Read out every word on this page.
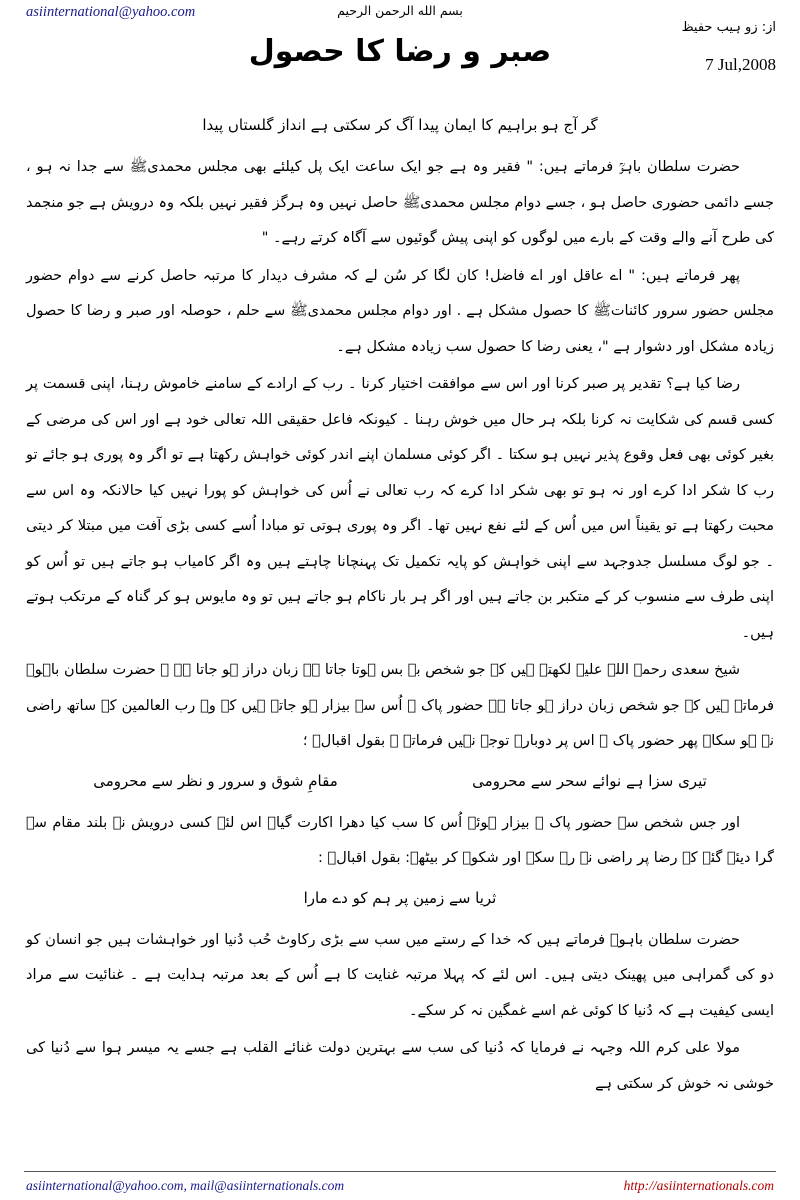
asiinternational@yahoo.com	بسم الله الرحمن الرحيم
از: زو ہیب حفیظ
صبر و رضا کا حصول	7 Jul,2008

گر آج ہو براہیم کا ایمان پیدا آگ کر سکتی ہے انداز گلستاں پیدا

حضرت سلطان باہوؒ فرماتے ہیں: " فقیر وہ ہے جو ایک ساعت ایک پل کیلئے بھی مجلس محمدیﷺ سے جدا نہ ہو ، جسے دائمی حضوری حاصل ہو ، جسے دوام مجلس محمدیﷺ حاصل نہیں وہ ہرگز فقیر نہیں بلکہ وہ درویش ہے جو منجمد کی طرح آنے والے وقت کے بارے میں لوگوں کو اپنی پیش گوئیوں سے آگاہ کرتے رہے۔ "

پھر فرماتے ہیں: " اے عاقل اور اے فاضل! کان لگا کر سُن لے کہ مشرف دیدار کا مرتبہ حاصل کرنے سے دوام حضور مجلس حضور سرور کائناتﷺ کا حصول مشکل ہے . اور دوام مجلس محمدیﷺ سے حلم ، حوصلہ اور صبر و رضا کا حصول زیادہ مشکل اور دشوار ہے "، یعنی رضا کا حصول سب زیادہ مشکل ہے۔

رضا کیا ہے؟ تقدیر پر صبر کرنا اور اس سے موافقت اختیار کرنا ۔ رب کے ارادے کے سامنے خاموش رہنا، اپنی قسمت پر کسی قسم کی شکایت نہ کرنا بلکہ ہر حال میں خوش رہنا ۔ کیونکہ فاعل حقیقی اللہ تعالی خود ہے اور اس کی مرضی کے بغیر کوئی بھی فعل وقوع پذیر نہیں ہو سکتا ۔ اگر کوئی مسلمان اپنے اندر کوئی خواہش رکھتا ہے تو اگر وہ پوری ہو جائے تو رب کا شکر ادا کرے اور نہ ہو تو بھی شکر ادا کرے کہ رب تعالی نے اُس کی خواہش کو پورا نہیں کیا حالانکہ وہ اس سے محبت رکھتا ہے تو یقیناً اس میں اُس کے لئے نفع نہیں تھا۔ اگر وہ پوری ہوتی تو مبادا اُسے کسی بڑی آفت میں مبتلا کر دیتی ۔ جو لوگ مسلسل جدوجہد سے اپنی خواہش کو پایہ تکمیل تک پہنچانا چاہتے ہیں وہ اگر کامیاب ہو جاتے ہیں تو اُس کو اپنی طرف سے منسوب کر کے متکبر بن جاتے ہیں اور اگر ہر بار ناکام ہو جاتے ہیں تو وہ مایوس ہو کر گناہ کے مرتکب ہوتے ہیں۔

شیخ سعدی رحمۃ اللہ علیہ لکھتے ہیں کہ جو شخص بے بس ہوتا جاتا ہے زبان دراز ہو جاتا ہے ۔ حضرت سلطان باہوؒ فرماتے ہیں کہ جو شخص زبان دراز ہو جاتا ہے حضور پاک ﷺ اُس سے بیزار ہو جاتے ہیں کہ وہ رب العالمین کے ساتھ راضی نہ ہو سکا۔ پھر حضور پاک ﷺ اس پر دوبارہ توجہ نہیں فرماتے ۔ بقول اقبالؒ ؛

تیری سزا ہے نوائے سحر سے محرومی
مقامِ شوق و سرور و نظر سے محرومی

اور جس شخص سے حضور پاک ﷺ بیزار ہوئے اُس کا سب کیا دھرا اکارت گیا۔ اس لئے کسی درویش نے بلند مقام سے گرا دیئے گئے کہ رضا پر راضی نہ رہ سکے اور شکوہ کر بیٹھے: بقول اقبالؒ :

ثریا سے زمین پر ہم کو دے مارا

حضرت سلطان باہوؒ فرماتے ہیں کہ خدا کے رستے میں سب سے بڑی رکاوٹ حُب دُنیا اور خواہشات ہیں جو انسان کو دو کی گمراہی میں پھینک دیتی ہیں۔ اس لئے کہ پہلا مرتبہ غنایت کا ہے اُس کے بعد مرتبہ ہدایت ہے ۔ غنائیت سے مراد ایسی کیفیت ہے کہ دُنیا کا کوئی غم اسے غمگین نہ کر سکے۔

مولا علی کرم اللہ وجہہ نے فرمایا کہ دُنیا کی سب سے بہترین دولت غنائے القلب ہے جسے یہ میسر ہوا سے دُنیا کی خوشی نہ خوش کر سکتی ہے

asiinternational@yahoo.com, mail@asiinternationals.com	http://asiinternationals.com
